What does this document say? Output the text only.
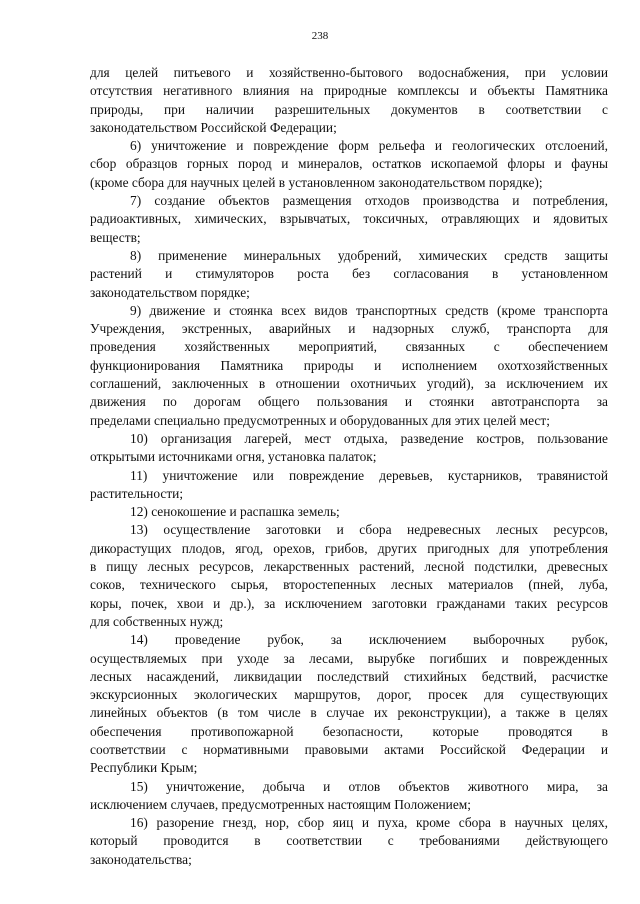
238
для целей питьевого и хозяйственно-бытового водоснабжения, при условии
отсутствия негативного влияния на природные комплексы и объекты Памятника
природы, при наличии разрешительных документов в соответствии с
законодательством Российской Федерации;
6) уничтожение и повреждение форм рельефа и геологических отслоений,
сбор образцов горных пород и минералов, остатков ископаемой флоры и фауны
(кроме сбора для научных целей в установленном законодательством порядке);
7) создание объектов размещения отходов производства и потребления,
радиоактивных, химических, взрывчатых, токсичных, отравляющих и ядовитых
веществ;
8) применение минеральных удобрений, химических средств защиты
растений и стимуляторов роста без согласования в установленном
законодательством порядке;
9) движение и стоянка всех видов транспортных средств (кроме транспорта
Учреждения, экстренных, аварийных и надзорных служб, транспорта для
проведения хозяйственных мероприятий, связанных с обеспечением
функционирования Памятника природы и исполнением охотхозяйственных
соглашений, заключенных в отношении охотничьих угодий), за исключением их
движения по дорогам общего пользования и стоянки автотранспорта за
пределами специально предусмотренных и оборудованных для этих целей мест;
10) организация лагерей, мест отдыха, разведение костров, пользование
открытыми источниками огня, установка палаток;
11) уничтожение или повреждение деревьев, кустарников, травянистой
растительности;
12) сенокошение и распашка земель;
13) осуществление заготовки и сбора недревесных лесных ресурсов,
дикорастущих плодов, ягод, орехов, грибов, других пригодных для употребления
в пищу лесных ресурсов, лекарственных растений, лесной подстилки, древесных
соков, технического сырья, второстепенных лесных материалов (пней, луба,
коры, почек, хвои и др.), за исключением заготовки гражданами таких ресурсов
для собственных нужд;
14) проведение рубок, за исключением выборочных рубок,
осуществляемых при уходе за лесами, вырубке погибших и поврежденных
лесных насаждений, ликвидации последствий стихийных бедствий, расчистке
экскурсионных экологических маршрутов, дорог, просек для существующих
линейных объектов (в том числе в случае их реконструкции), а также в целях
обеспечения противопожарной безопасности, которые проводятся в
соответствии с нормативными правовыми актами Российской Федерации и
Республики Крым;
15) уничтожение, добыча и отлов объектов животного мира, за
исключением случаев, предусмотренных настоящим Положением;
16) разорение гнезд, нор, сбор яиц и пуха, кроме сбора в научных целях,
который проводится в соответствии с требованиями действующего
законодательства;
